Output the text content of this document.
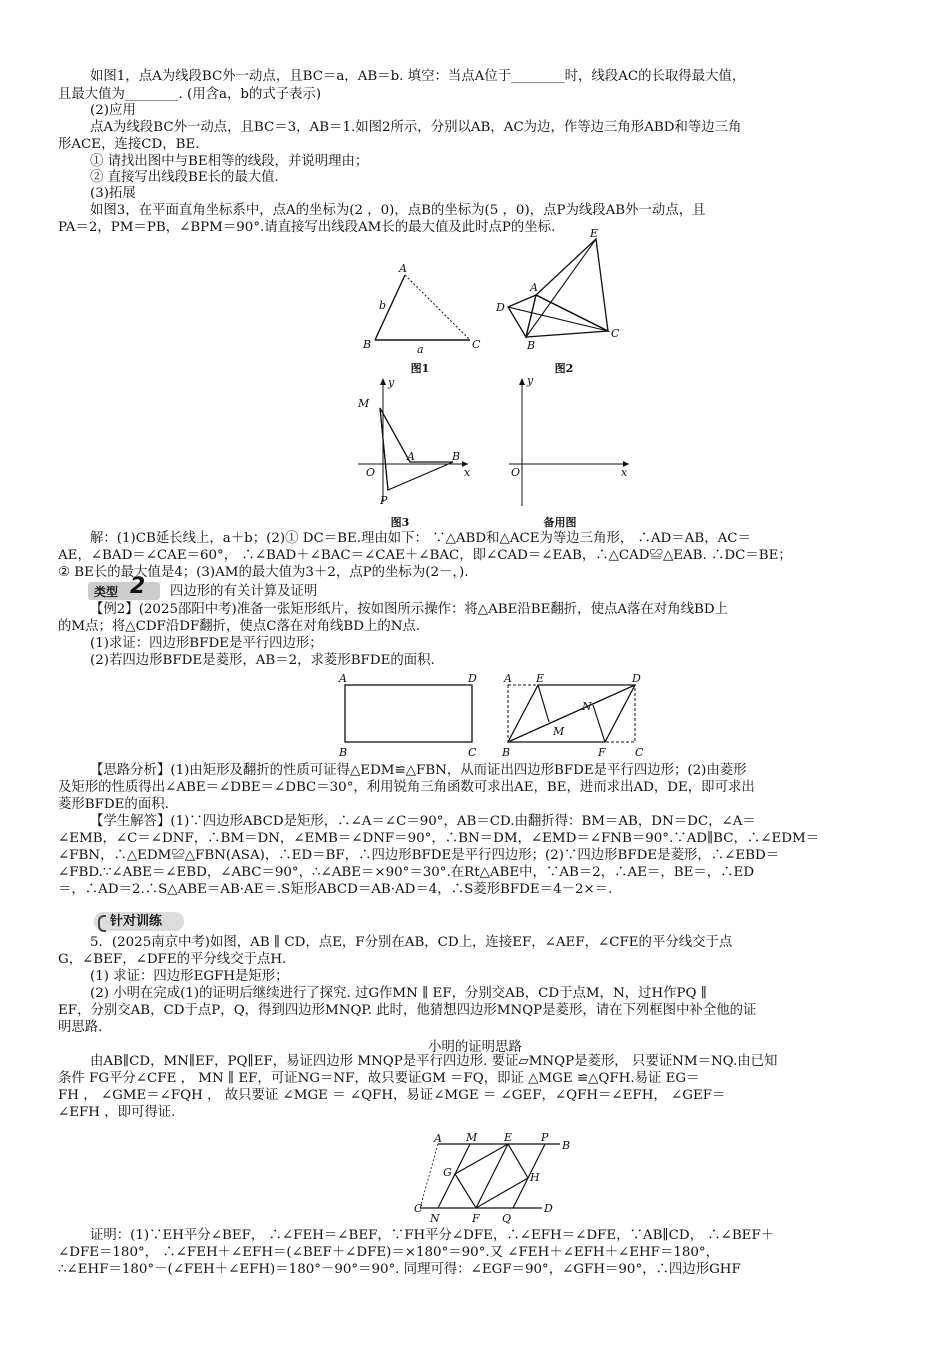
如图1，点A为线段BC外一动点，且BC＝a，AB＝b. 填空：当点A位于________时，线段AC的长取得最大值，
且最大值为________. (用含a，b的式子表示)
(2)应用
点A为线段BC外一动点，且BC＝3，AB＝1.如图2所示，分别以AB，AC为边，作等边三角形ABD和等边三角
形ACE，连接CD，BE.
① 请找出图中与BE相等的线段，并说明理由；
② 直接写出线段BE长的最大值.
(3)拓展
如图3，在平面直角坐标系中，点A的坐标为(2 ，0)，点B的坐标为(5 ，0)，点P为线段AB外一动点，且
PA＝2，PM＝PB，∠BPM＝90°.请直接写出线段AM长的最大值及此时点P的坐标.
A
B	C
a
b
图1
E
A
D
B
C
图2
y
x
M
O
A	B
P
图3
y
x
O
备用图
解：(1)CB延长线上，a＋b；(2)① DC＝BE.理由如下： ∵△ABD和△ACE为等边三角形， ∴AD＝AB，AC＝
AE，∠BAD＝∠CAE＝60°， ∴∠BAD＋∠BAC＝∠CAE＋∠BAC，即∠CAD＝∠EAB，∴△CAD≌△EAB. ∴DC＝BE；
② BE长的最大值是4；(3)AM的最大值为3＋2，点P的坐标为(2－，).
类型 2 四边形的有关计算及证明
【例2】(2025邵阳中考)准备一张矩形纸片，按如图所示操作：将△ABE沿BE翻折，使点A落在对角线BD上
的M点；将△CDF沿DF翻折，使点C落在对角线BD上的N点.
(1)求证：四边形BFDE是平行四边形；
(2)若四边形BFDE是菱形，AB＝2，求菱形BFDE的面积.
A	D
B	C
A E	D
N
M
B	F	C
【思路分析】(1)由矩形及翻折的性质可证得△EDM≌△FBN，从而证出四边形BFDE是平行四边形；(2)由菱形
及矩形的性质得出∠ABE＝∠DBE＝∠DBC＝30°，利用锐角三角函数可求出AE，BE，进而求出AD，DE，即可求出
菱形BFDE的面积.
【学生解答】(1)∵四边形ABCD是矩形，∴∠A＝∠C＝90°，AB＝CD.由翻折得：BM＝AB，DN＝DC，∠A＝
∠EMB，∠C＝∠DNF，∴BM＝DN，∠EMB＝∠DNF＝90°，∴BN＝DM，∠EMD＝∠FNB＝90°.∵AD∥BC，∴∠EDM＝
∠FBN，∴△EDM≌△FBN(ASA)，∴ED＝BF，∴四边形BFDE是平行四边形；(2)∵四边形BFDE是菱形，∴∠EBD＝
∠FBD.∵∠ABE＝∠EBD，∠ABC＝90°，∴∠ABE＝×90°＝30°.在Rt△ABE中，∵AB＝2，∴AE＝，BE＝，∴ED
＝，∴AD＝2.∴S△ABE＝AB·AE＝.S矩形ABCD＝AB·AD＝4，∴S菱形BFDE＝4－2×＝.
针对训练
5．(2025南京中考)如图，AB ∥ CD，点E，F分别在AB，CD上，连接EF，∠AEF，∠CFE的平分线交于点
G，∠BEF，∠DFE的平分线交于点H.
(1) 求证：四边形EGFH是矩形；
(2) 小明在完成(1)的证明后继续进行了探究. 过G作MN ∥ EF，分别交AB，CD于点M，N，过H作PQ ∥
EF，分别交AB，CD于点P，Q，得到四边形MNQP. 此时，他猜想四边形MNQP是菱形，请在下列框图中补全他的证
明思路.
小明的证明思路
由AB∥CD，MN∥EF，PQ∥EF，易证四边形 MNQP是平行四边形. 要证▱MNQP是菱形， 只要证NM＝NQ.由已知
条件 FG平分∠CFE ， MN ∥ EF，可证NG＝NF，故只要证GM ＝FQ，即证 △MGE ≌△QFH.易证 EG＝
FH ， ∠GME＝∠FQH ， 故只要证 ∠MGE ＝ ∠QFH，易证∠MGE ＝ ∠GEF，∠QFH＝∠EFH， ∠GEF＝
∠EFH ，即可得证.
A M E	P
B
G	H
C
N	F Q
D
证明：(1)∵EH平分∠BEF， ∴∠FEH＝∠BEF，∵FH平分∠DFE，∴∠EFH＝∠DFE，∵AB∥CD， ∴∠BEF＋
∠DFE＝180°， ∴∠FEH＋∠EFH＝(∠BEF＋∠DFE)＝×180°＝90°.又 ∠FEH＋∠EFH＋∠EHF＝180°，
∴∠EHF＝180°－(∠FEH＋∠EFH)＝180°－90°＝90°. 同理可得：∠EGF＝90°，∠GFH＝90°，∴四边形GHF
